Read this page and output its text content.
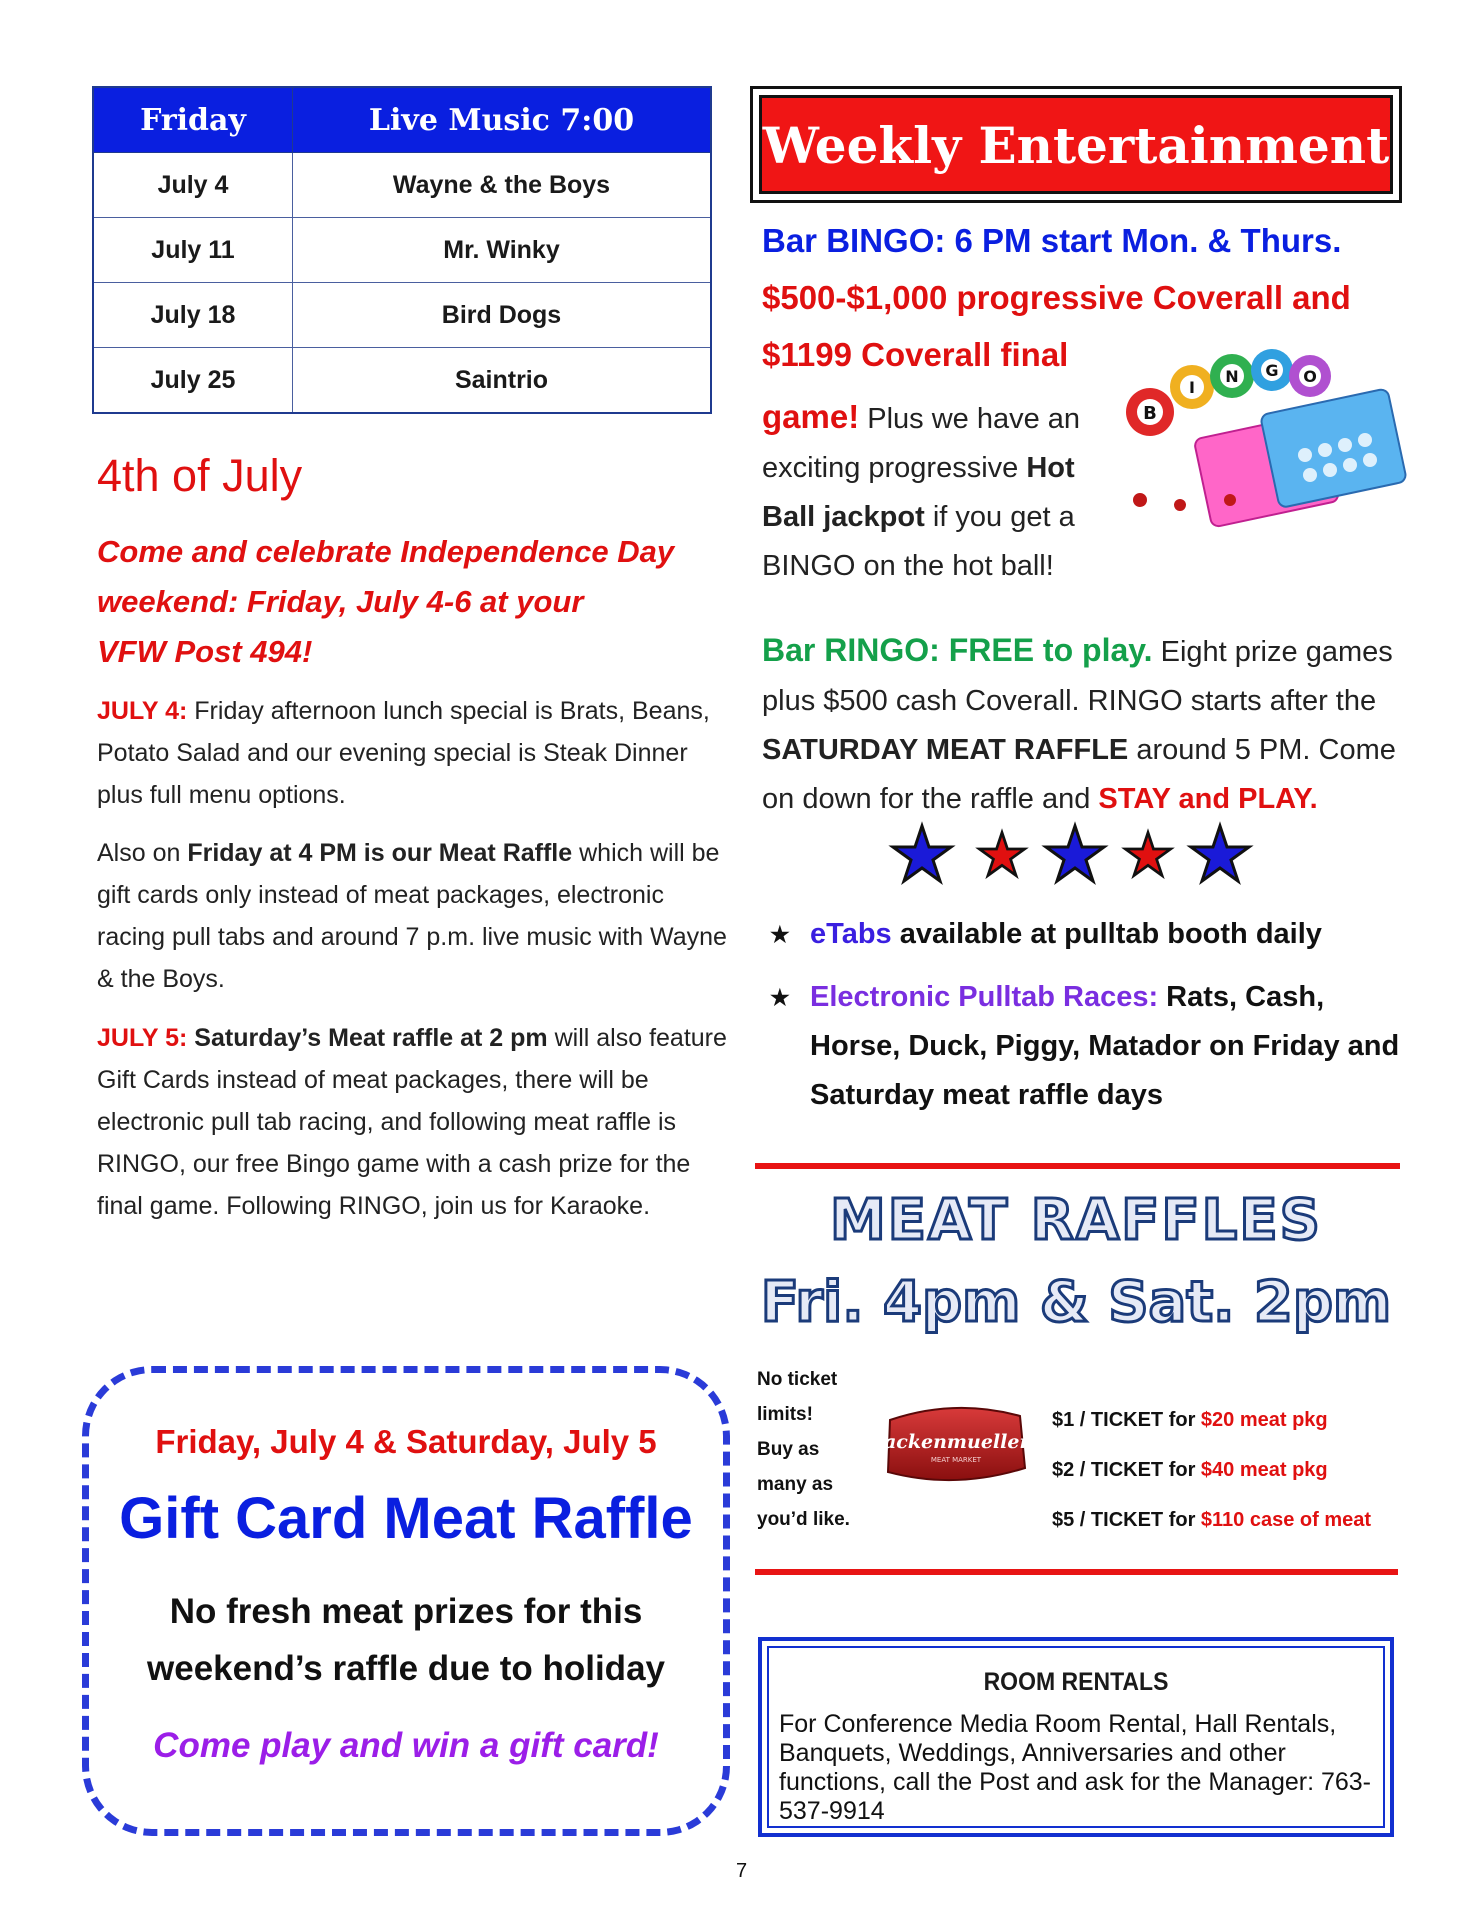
Friday	Live Music 7:00
July 4	Wayne & the Boys
July 11	Mr. Winky
July 18	Bird Dogs
July 25	Saintrio
4th of July
Come and celebrate Independence Day
weekend: Friday, July 4-6 at your
VFW Post 494!
JULY 4: Friday afternoon lunch special is Brats, Beans, Potato Salad and our evening special is Steak Dinner plus full menu options.
Also on Friday at 4 PM is our Meat Raffle which will be gift cards only instead of meat packages, electronic racing pull tabs and around 7 p.m. live music with Wayne & the Boys.
JULY 5: Saturday’s Meat raffle at 2 pm will also feature Gift Cards instead of meat packages, there will be electronic pull tab racing, and following meat raffle is RINGO, our free Bingo game with a cash prize for the final game. Following RINGO, join us for Karaoke.
Friday, July 4 & Saturday, July 5
Gift Card Meat Raffle
No fresh meat prizes for this
weekend’s raffle due to holiday
Come play and win a gift card!
Weekly Entertainment
Bar BINGO: 6 PM start Mon. & Thurs.
$500-$1,000 progressive Coverall and
$1199 Coverall final
game! Plus we have an exciting progressive Hot Ball jackpot if you get a BINGO on the hot ball!
B
I
N G O
Bar RINGO: FREE to play. Eight prize games plus $500 cash Coverall. RINGO starts after the SATURDAY MEAT RAFFLE around 5 PM. Come on down for the raffle and STAY and PLAY.
★ eTabs available at pulltab booth daily
★ Electronic Pulltab Races: Rats, Cash, Horse, Duck, Piggy, Matador on Friday and Saturday meat raffle days
MEAT RAFFLES
Fri. 4pm & Sat. 2pm
No ticket
limits!
Buy as
many as
you’d like.
Hackenmueller's
MEAT MARKET
$1 / TICKET for $20 meat pkg
$2 / TICKET for $40 meat pkg
$5 / TICKET for $110 case of meat
ROOM RENTALS
For Conference Media Room Rental, Hall Rentals, Banquets, Weddings, Anniversaries and other functions, call the Post and ask for the Manager: 763-537-9914
7
